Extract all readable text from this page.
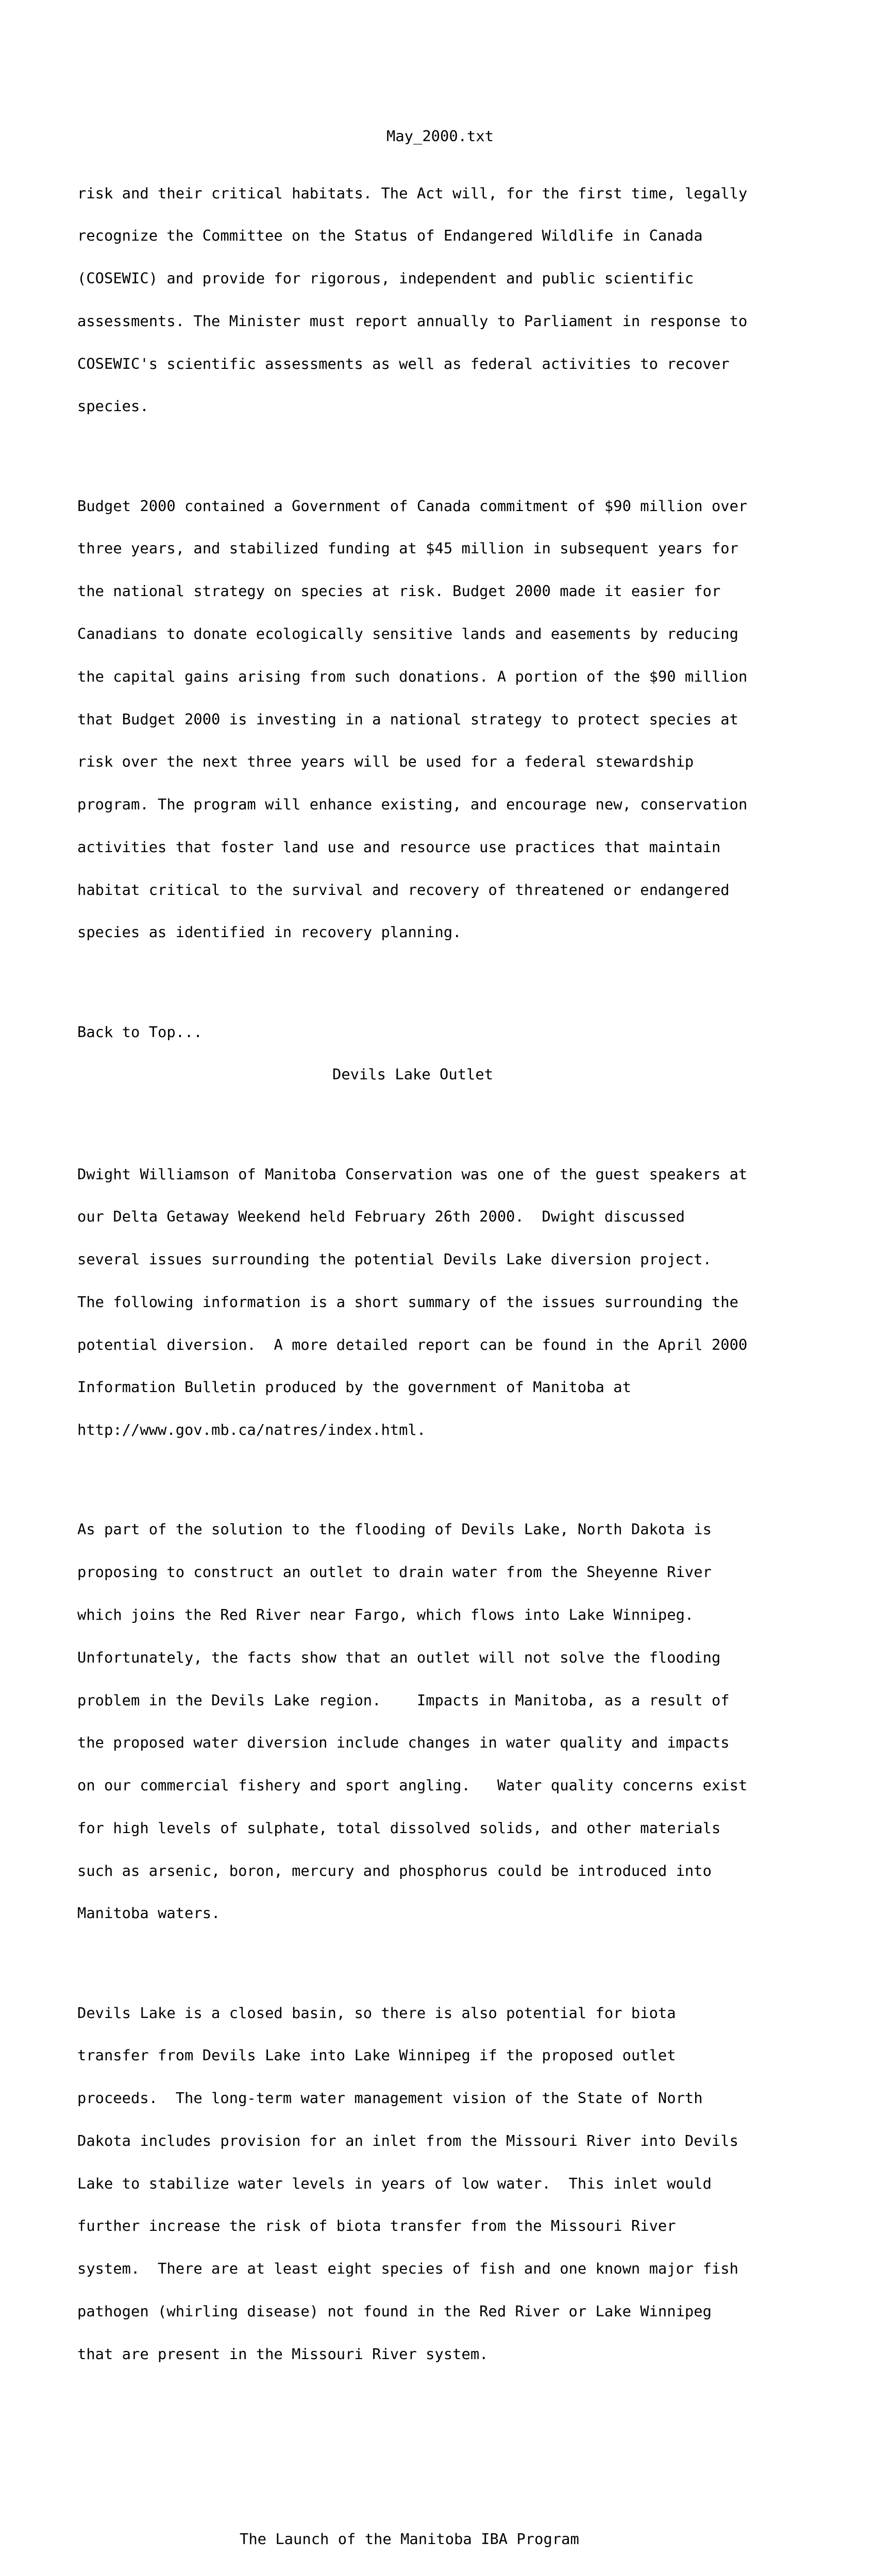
May_2000.txt

risk and their critical habitats. The Act will, for the first time, legally

recognize the Committee on the Status of Endangered Wildlife in Canada

(COSEWIC) and provide for rigorous, independent and public scientific

assessments. The Minister must report annually to Parliament in response to

COSEWIC's scientific assessments as well as federal activities to recover

species.

Budget 2000 contained a Government of Canada commitment of $90 million over

three years, and stabilized funding at $45 million in subsequent years for

the national strategy on species at risk. Budget 2000 made it easier for

Canadians to donate ecologically sensitive lands and easements by reducing

the capital gains arising from such donations. A portion of the $90 million

that Budget 2000 is investing in a national strategy to protect species at

risk over the next three years will be used for a federal stewardship

program. The program will enhance existing, and encourage new, conservation

activities that foster land use and resource use practices that maintain

habitat critical to the survival and recovery of threatened or endangered

species as identified in recovery planning.

Back to Top...

Devils Lake Outlet

Dwight Williamson of Manitoba Conservation was one of the guest speakers at

our Delta Getaway Weekend held February 26th 2000.  Dwight discussed

several issues surrounding the potential Devils Lake diversion project.

The following information is a short summary of the issues surrounding the

potential diversion.  A more detailed report can be found in the April 2000

Information Bulletin produced by the government of Manitoba at

http://www.gov.mb.ca/natres/index.html.

As part of the solution to the flooding of Devils Lake, North Dakota is

proposing to construct an outlet to drain water from the Sheyenne River

which joins the Red River near Fargo, which flows into Lake Winnipeg.

Unfortunately, the facts show that an outlet will not solve the flooding

problem in the Devils Lake region.    Impacts in Manitoba, as a result of

the proposed water diversion include changes in water quality and impacts

on our commercial fishery and sport angling.   Water quality concerns exist

for high levels of sulphate, total dissolved solids, and other materials

such as arsenic, boron, mercury and phosphorus could be introduced into

Manitoba waters.

Devils Lake is a closed basin, so there is also potential for biota

transfer from Devils Lake into Lake Winnipeg if the proposed outlet

proceeds.  The long-term water management vision of the State of North

Dakota includes provision for an inlet from the Missouri River into Devils

Lake to stabilize water levels in years of low water.  This inlet would

further increase the risk of biota transfer from the Missouri River

system.  There are at least eight species of fish and one known major fish

pathogen (whirling disease) not found in the Red River or Lake Winnipeg

that are present in the Missouri River system.

The Launch of the Manitoba IBA Program
